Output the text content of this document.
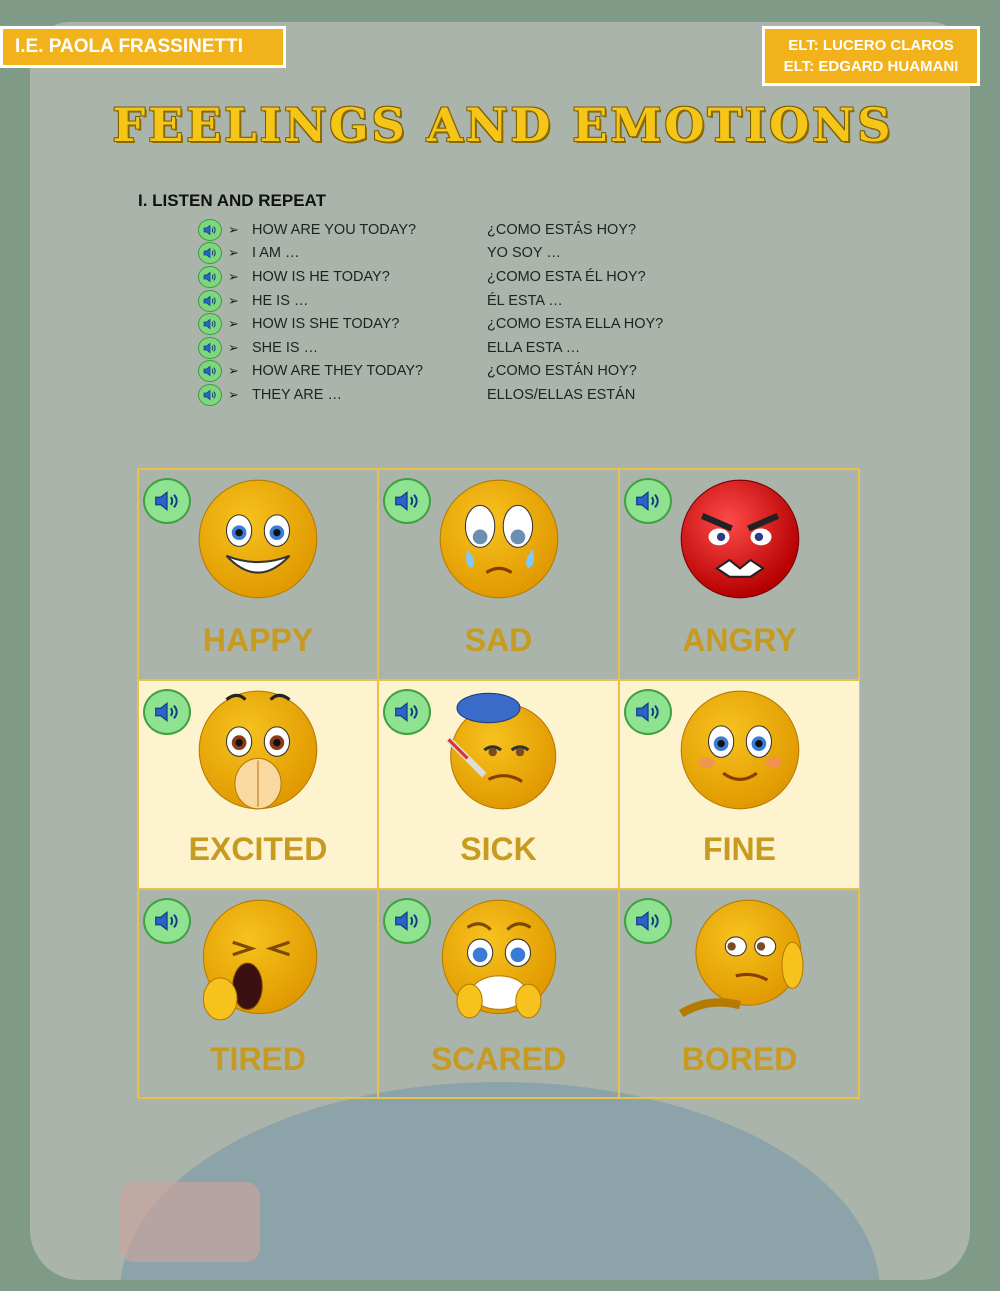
I.E. PAOLA FRASSINETTI	ELT: LUCERO CLAROS
ELT: EDGARD HUAMANI
FEELINGS AND EMOTIONS
I. LISTEN AND REPEAT
➢ HOW ARE YOU TODAY?	¿COMO ESTÁS HOY?
➢ I AM …	YO SOY …
➢ HOW IS HE TODAY?	¿COMO ESTA ÉL HOY?
➢ HE IS …	ÉL ESTA …
➢ HOW IS SHE TODAY?	¿COMO ESTA ELLA HOY?
➢ SHE IS …	ELLA ESTA …
➢ HOW ARE THEY TODAY?	¿COMO ESTÁN HOY?
➢ THEY ARE …	ELLOS/ELLAS ESTÁN
HAPPY	SAD	ANGRY
EXCITED	SICK	FINE
TIRED	SCARED	BORED
